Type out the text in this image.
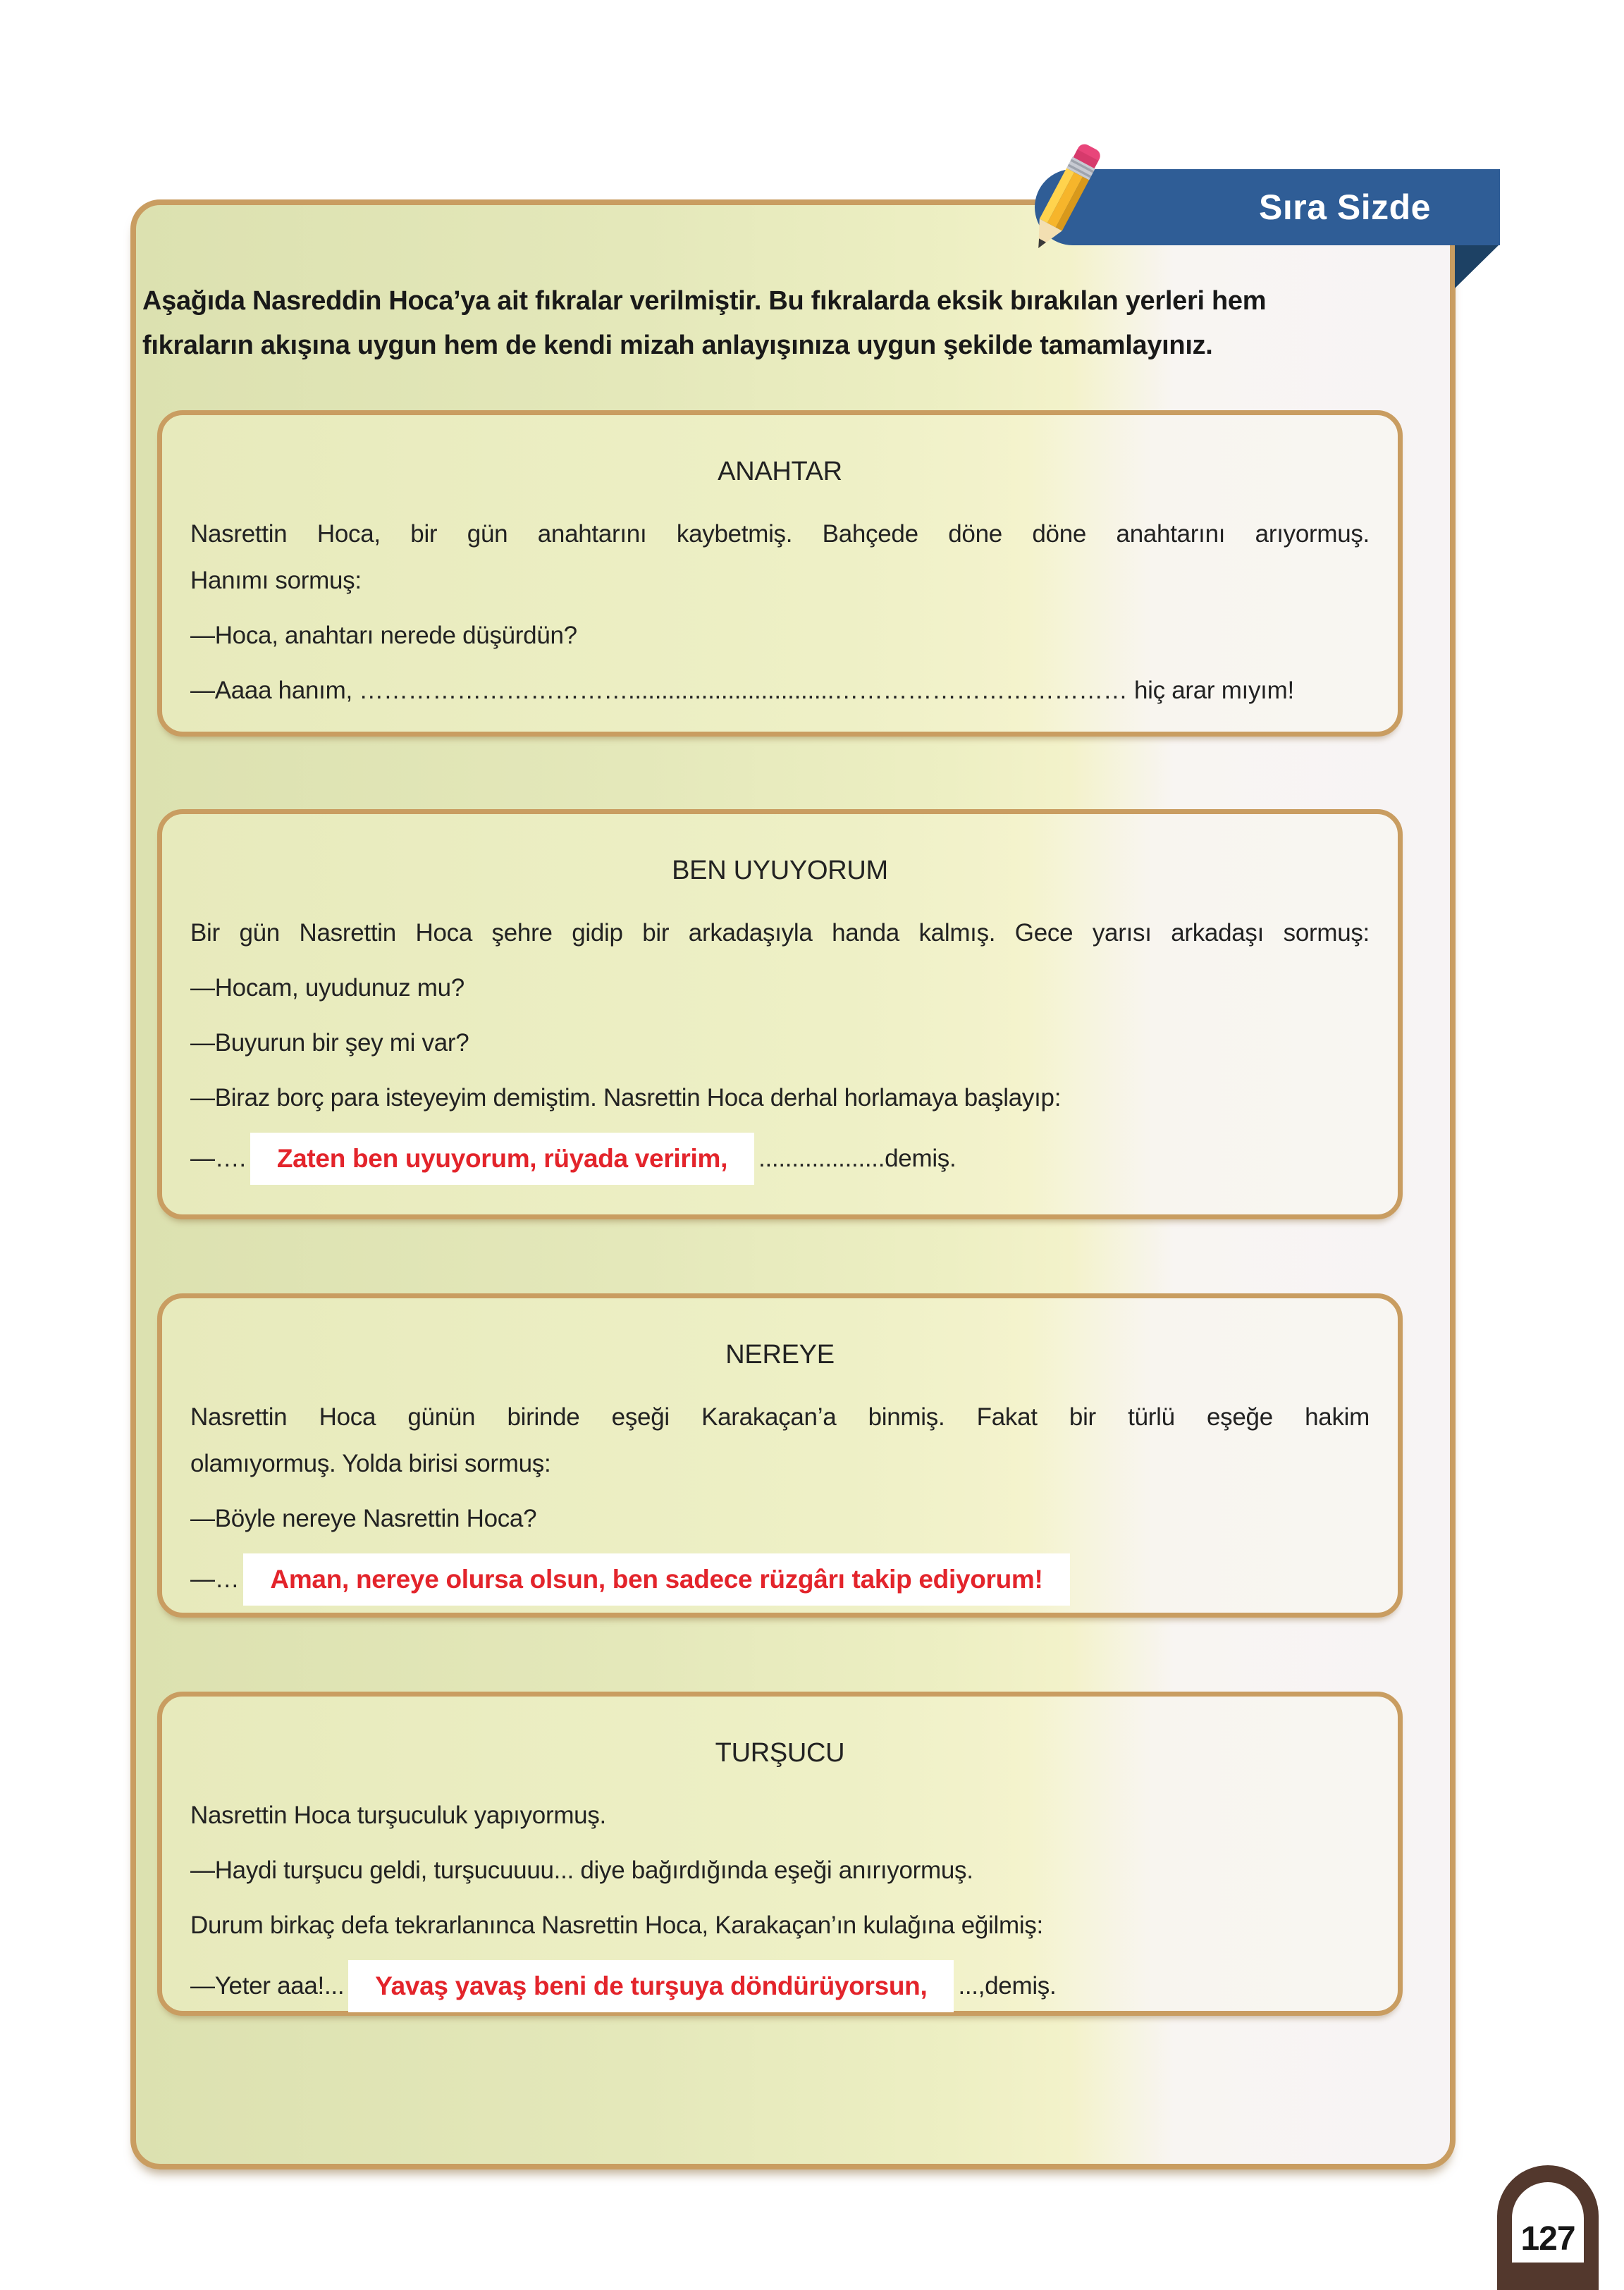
Sıra Sizde
Aşağıda Nasreddin Hoca’ya ait fıkralar verilmiştir. Bu fıkralarda eksik bırakılan yerleri hem
fıkraların akışına uygun hem de kendi mizah anlayışınıza uygun şekilde tamamlayınız.
ANAHTAR
Nasrettin Hoca, bir gün anahtarını kaybetmiş. Bahçede döne döne anahtarını arıyormuş.
Hanımı sormuş:
—Hoca, anahtarı nerede düşürdün?
—Aaaa hanım, ……………………………...............................……………………………… hiç arar mıyım!
BEN UYUYORUM
Bir gün Nasrettin Hoca şehre gidip bir arkadaşıyla handa kalmış. Gece yarısı arkadaşı sormuş:
—Hocam, uyudunuz mu?
—Buyurun bir şey mi var?
—Biraz borç para isteyeyim demiştim. Nasrettin Hoca derhal horlamaya başlayıp:
—….	Zaten ben uyuyorum, rüyada veririm,	................... demiş.
NEREYE
Nasrettin Hoca günün birinde eşeği Karakaçan’a binmiş. Fakat bir türlü eşeğe hakim
olamıyormuş. Yolda birisi sormuş:
—Böyle nereye Nasrettin Hoca?
—…	Aman, nereye olursa olsun, ben sadece rüzgârı takip ediyorum!
TURŞUCU
Nasrettin Hoca turşuculuk yapıyormuş.
—Haydi turşucu geldi, turşucuuuu... diye bağırdığında eşeği anırıyormuş.
Durum birkaç defa tekrarlanınca Nasrettin Hoca, Karakaçan’ın kulağına eğilmiş:
—Yeter aaa!...	Yavaş yavaş beni de turşuya döndürüyorsun,	..., demiş.
127
